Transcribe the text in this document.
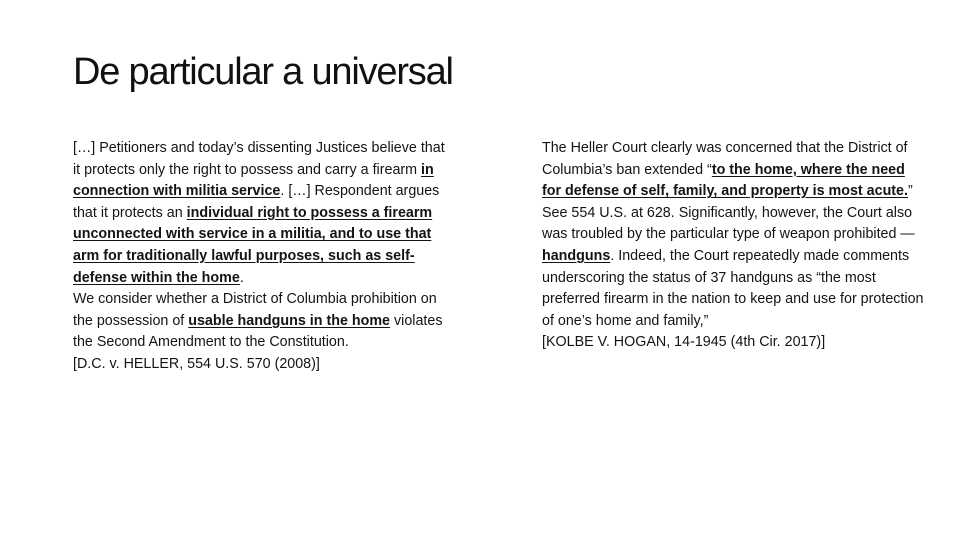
De particular a universal

[…] Petitioners and today’s dissenting Justices believe that it protects only the right to possess and carry a firearm in connection with militia service. […] Respondent argues that it protects an individual right to possess a firearm unconnected with service in a militia, and to use that arm for traditionally lawful purposes, such as self-defense within the home.

We consider whether a District of Columbia prohibition on the possession of usable handguns in the home violates the Second Amendment to the Constitution.

[D.C. v. HELLER, 554 U.S. 570 (2008)]

The Heller Court clearly was concerned that the District of Columbia’s ban extended “to the home, where the need for defense of self, family, and property is most acute.” See 554 U.S. at 628. Significantly, however, the Court also was troubled by the particular type of weapon prohibited — handguns. Indeed, the Court repeatedly made comments underscoring the status of 37 handguns as “the most preferred firearm in the nation to keep and use for protection of one’s home and family,”

[KOLBE V. HOGAN, 14-1945 (4th Cir. 2017)]
